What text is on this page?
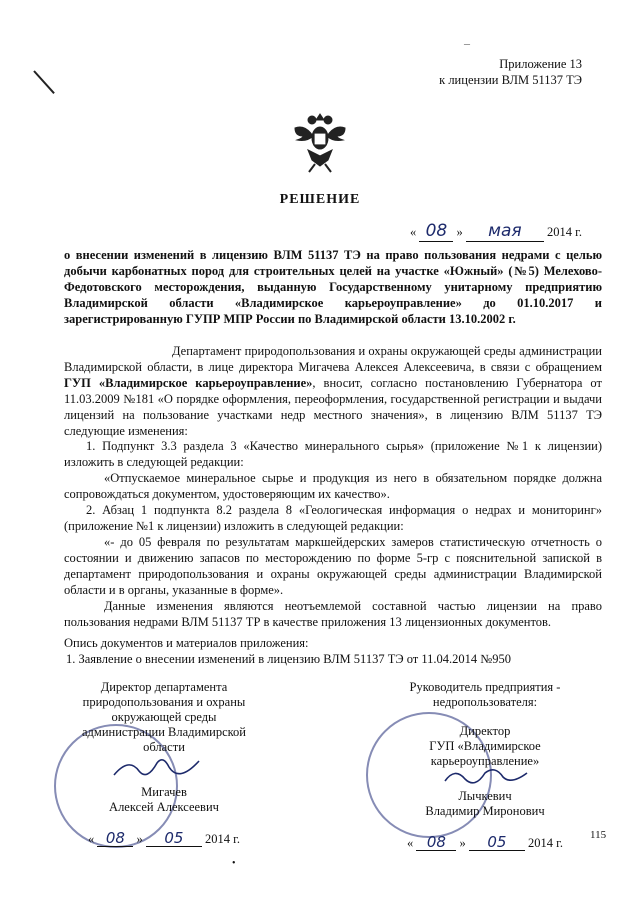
–
Приложение 13
к лицензии ВЛМ 51137 ТЭ
РЕШЕНИЕ
« 08 » мая 2014 г.
о внесении изменений в лицензию ВЛМ 51137 ТЭ на право пользования недрами с целью добычи карбонатных пород для строительных целей на участке «Южный» (№5) Мелехово-Федотовского месторождения, выданную Государственному унитарному предприятию Владимирской области «Владимирское карьероуправление» до 01.10.2017 и зарегистрированную ГУПР МПР России по Владимирской области 13.10.2002 г.
Департамент природопользования и охраны окружающей среды администрации Владимирской области, в лице директора Мигачева Алексея Алексеевича, в связи с обращением ГУП «Владимирское карьероуправление», вносит, согласно постановлению Губернатора от 11.03.2009 №181 «О порядке оформления, переоформления, государственной регистрации и выдачи лицензий на пользование участками недр местного значения», в лицензию ВЛМ 51137 ТЭ следующие изменения:

1. Подпункт 3.3 раздела 3 «Качество минерального сырья» (приложение №1 к лицензии) изложить в следующей редакции:

«Отпускаемое минеральное сырье и продукция из него в обязательном порядке должна сопровождаться документом, удостоверяющим их качество».

2. Абзац 1 подпункта 8.2 раздела 8 «Геологическая информация о недрах и мониторинг» (приложение №1 к лицензии) изложить в следующей редакции:

«- до 05 февраля по результатам маркшейдерских замеров статистическую отчетность о состоянии и движению запасов по месторождению по форме 5-гр с пояснительной запиской в департамент природопользования и охраны окружающей среды администрации Владимирской области и в органы, указанные в форме».

Данные изменения являются неотъемлемой составной частью лицензии на право пользования недрами ВЛМ 51137 ТР в качестве приложения 13 лицензионных документов.
Опись документов и материалов приложения:
1. Заявление о внесении изменений в лицензию ВЛМ 51137 ТЭ от 11.04.2014 №950
Директор департамента
природопользования и охраны
окружающей среды
администрации Владимирской
области
Мигачев
Алексей Алексеевич
« 08 » 05 2014 г.
Руководитель предприятия -
недропользователя:
Директор
ГУП «Владимирское
карьероуправление»
Лычкевич
Владимир Миронович
« 08 » 05 2014 г.
115
•
